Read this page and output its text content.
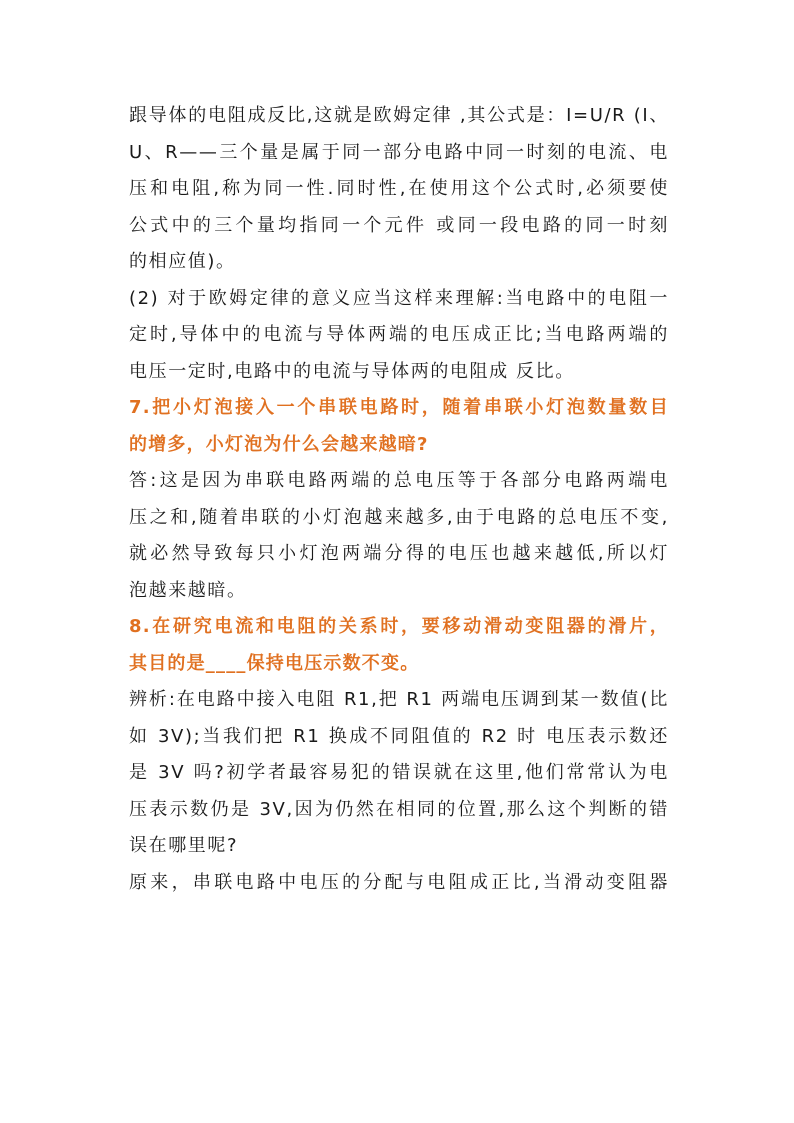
跟导体的电阻成反比,这就是欧姆定律 ,其公式是：I=U/R (I、
U、R——三个量是属于同一部分电路中同一时刻的电流、电
压和电阻,称为同一性.同时性,在使用这个公式时,必须要使
公式中的三个量均指同一个元件 或同一段电路的同一时刻
的相应值)。
(2) 对于欧姆定律的意义应当这样来理解:当电路中的电阻一
定时,导体中的电流与导体两端的电压成正比;当电路两端的
电压一定时,电路中的电流与导体两的电阻成 反比。
7.把小灯泡接入一个串联电路时，随着串联小灯泡数量数目
的增多，小灯泡为什么会越来越暗?
答:这是因为串联电路两端的总电压等于各部分电路两端电
压之和,随着串联的小灯泡越来越多,由于电路的总电压不变,
就必然导致每只小灯泡两端分得的电压也越来越低,所以灯
泡越来越暗。
8.在研究电流和电阻的关系时，要移动滑动变阻器的滑片，
其目的是____保持电压示数不变。
辨析:在电路中接入电阻 R1,把 R1 两端电压调到某一数值(比
如 3V);当我们把 R1 换成不同阻值的 R2 时 电压表示数还
是 3V 吗?初学者最容易犯的错误就在这里,他们常常认为电
压表示数仍是 3V,因为仍然在相同的位置,那么这个判断的错
误在哪里呢?
原来，串联电路中电压的分配与电阻成正比,当滑动变阻器
